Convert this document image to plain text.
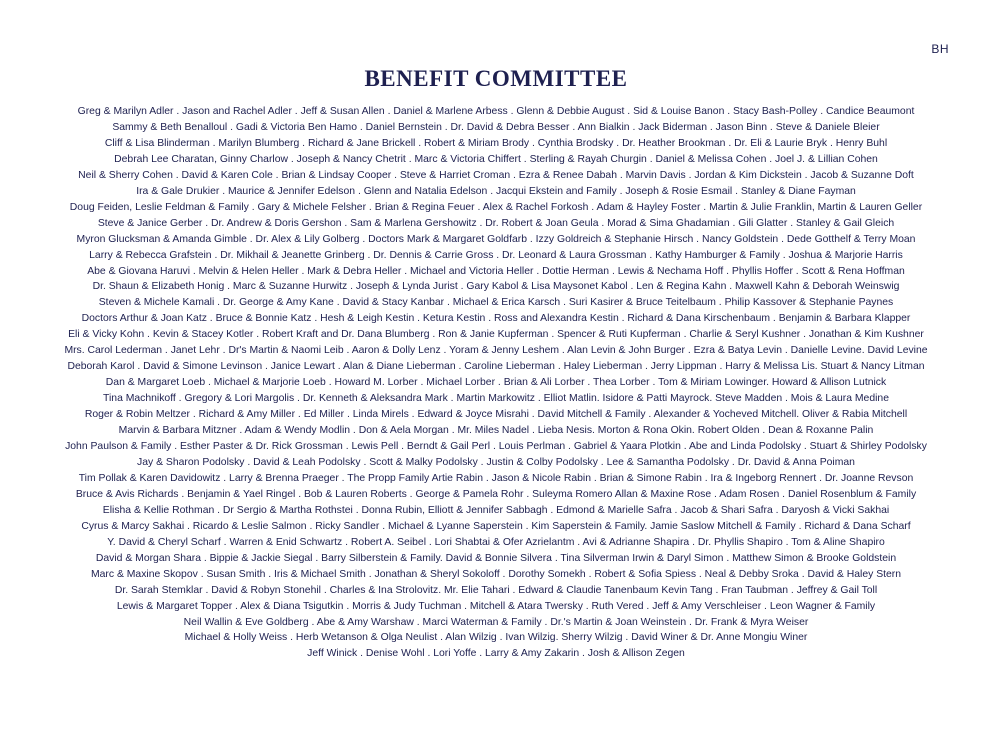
BH
BENEFIT COMMITTEE
Greg & Marilyn Adler . Jason and Rachel Adler . Jeff & Susan Allen . Daniel & Marlene Arbess . Glenn & Debbie August . Sid & Louise Banon . Stacy Bash-Polley . Candice Beaumont
Sammy & Beth Benalloul . Gadi & Victoria Ben Hamo . Daniel Bernstein . Dr. David & Debra Besser . Ann Bialkin . Jack Biderman . Jason Binn . Steve & Daniele Bleier
Cliff & Lisa Blinderman . Marilyn Blumberg . Richard & Jane Brickell . Robert & Miriam Brody . Cynthia Brodsky . Dr. Heather Brookman . Dr. Eli & Laurie Bryk . Henry Buhl
Debrah Lee Charatan, Ginny Charlow . Joseph & Nancy Chetrit . Marc & Victoria Chiffert . Sterling & Rayah Churgin . Daniel & Melissa Cohen . Joel J. & Lillian Cohen
Neil & Sherry Cohen . David & Karen Cole . Brian & Lindsay Cooper . Steve & Harriet Croman . Ezra & Renee Dabah . Marvin Davis . Jordan & Kim Dickstein . Jacob & Suzanne Doft
Ira & Gale Drukier . Maurice & Jennifer Edelson . Glenn and Natalia Edelson . Jacqui Ekstein and Family . Joseph & Rosie Esmail . Stanley & Diane Fayman
Doug Feiden, Leslie Feldman & Family . Gary & Michele Felsher . Brian & Regina Feuer . Alex & Rachel Forkosh . Adam & Hayley Foster . Martin & Julie Franklin, Martin & Lauren Geller
Steve & Janice Gerber . Dr. Andrew & Doris Gershon . Sam & Marlena Gershowitz . Dr. Robert & Joan Geula . Morad & Sima Ghadamian . Gili Glatter . Stanley & Gail Gleich
Myron Glucksman & Amanda Gimble . Dr. Alex & Lily Golberg . Doctors Mark & Margaret Goldfarb . Izzy Goldreich & Stephanie Hirsch . Nancy Goldstein . Dede Gotthelf & Terry Moan
Larry & Rebecca Grafstein . Dr. Mikhail & Jeanette Grinberg . Dr. Dennis & Carrie Gross . Dr. Leonard & Laura Grossman . Kathy Hamburger & Family . Joshua & Marjorie Harris
Abe & Giovana Haruvi . Melvin & Helen Heller . Mark & Debra Heller . Michael and Victoria Heller . Dottie Herman . Lewis & Nechama Hoff . Phyllis Hoffer . Scott & Rena Hoffman
Dr. Shaun & Elizabeth Honig . Marc & Suzanne Hurwitz . Joseph & Lynda Jurist . Gary Kabol & Lisa Maysonet Kabol . Len & Regina Kahn . Maxwell Kahn & Deborah Weinswig
Steven & Michele Kamali . Dr. George & Amy Kane . David & Stacy Kanbar . Michael & Erica Karsch . Suri Kasirer & Bruce Teitelbaum . Philip Kassover & Stephanie Paynes
Doctors Arthur & Joan Katz . Bruce & Bonnie Katz . Hesh & Leigh Kestin . Ketura Kestin . Ross and Alexandra Kestin . Richard & Dana Kirschenbaum . Benjamin & Barbara Klapper
Eli & Vicky Kohn . Kevin & Stacey Kotler . Robert Kraft and Dr. Dana Blumberg . Ron & Janie Kupferman . Spencer & Ruti Kupferman . Charlie & Seryl Kushner . Jonathan & Kim Kushner
Mrs. Carol Lederman . Janet Lehr . Dr's Martin & Naomi Leib . Aaron & Dolly Lenz . Yoram & Jenny Leshem . Alan Levin & John Burger . Ezra & Batya Levin . Danielle Levine. David Levine
Deborah Karol . David & Simone Levinson . Janice Lewart . Alan & Diane Lieberman . Caroline Lieberman . Haley Lieberman . Jerry Lippman . Harry & Melissa Lis. Stuart & Nancy Litman
Dan & Margaret Loeb . Michael & Marjorie Loeb . Howard M. Lorber . Michael Lorber . Brian & Ali Lorber . Thea Lorber . Tom & Miriam Lowinger. Howard & Allison Lutnick
Tina Machnikoff . Gregory & Lori Margolis . Dr. Kenneth & Aleksandra Mark . Martin Markowitz . Elliot Matlin. Isidore & Patti Mayrock. Steve Madden . Mois & Laura Medine
Roger & Robin Meltzer . Richard & Amy Miller . Ed Miller . Linda Mirels . Edward & Joyce Misrahi . David Mitchell & Family . Alexander & Yocheved Mitchell. Oliver & Rabia Mitchell
Marvin & Barbara Mitzner . Adam & Wendy Modlin . Don & Aela Morgan . Mr. Miles Nadel . Lieba Nesis. Morton & Rona Okin. Robert Olden . Dean & Roxanne Palin
John Paulson & Family . Esther Paster & Dr. Rick Grossman . Lewis Pell . Berndt & Gail Perl . Louis Perlman . Gabriel & Yaara Plotkin . Abe and Linda Podolsky . Stuart & Shirley Podolsky
Jay & Sharon Podolsky . David & Leah Podolsky . Scott & Malky Podolsky . Justin & Colby Podolsky . Lee & Samantha Podolsky . Dr. David & Anna Poiman
Tim Pollak & Karen Davidowitz . Larry & Brenna Praeger . The Propp Family Artie Rabin . Jason & Nicole Rabin . Brian & Simone Rabin . Ira & Ingeborg Rennert . Dr. Joanne Revson
Bruce & Avis Richards . Benjamin & Yael Ringel . Bob & Lauren Roberts . George & Pamela Rohr . Suleyma Romero Allan & Maxine Rose . Adam Rosen . Daniel Rosenblum & Family
Elisha & Kellie Rothman . Dr Sergio & Martha Rothstei . Donna Rubin, Elliott & Jennifer Sabbagh . Edmond & Marielle Safra . Jacob & Shari Safra . Daryosh & Vicki Sakhai
Cyrus & Marcy Sakhai . Ricardo & Leslie Salmon . Ricky Sandler . Michael & Lyanne Saperstein . Kim Saperstein & Family. Jamie Saslow Mitchell & Family . Richard & Dana Scharf
Y. David & Cheryl Scharf . Warren & Enid Schwartz . Robert A. Seibel . Lori Shabtai & Ofer Azrielantm . Avi & Adrianne Shapira . Dr. Phyllis Shapiro . Tom & Aline Shapiro
David & Morgan Shara . Bippie & Jackie Siegal . Barry Silberstein & Family. David & Bonnie Silvera . Tina Silverman Irwin & Daryl Simon . Matthew Simon & Brooke Goldstein
Marc & Maxine Skopov . Susan Smith . Iris & Michael Smith . Jonathan & Sheryl Sokoloff . Dorothy Somekh . Robert & Sofia Spiess . Neal & Debby Sroka . David & Haley Stern
Dr. Sarah Stemklar . David & Robyn Stonehil . Charles & Ina Strolovitz. Mr. Elie Tahari . Edward & Claudie Tanenbaum Kevin Tang . Fran Taubman . Jeffrey & Gail Toll
Lewis & Margaret Topper . Alex & Diana Tsigutkin . Morris & Judy Tuchman . Mitchell & Atara Twersky . Ruth Vered . Jeff & Amy Verschleiser . Leon Wagner & Family
Neil Wallin & Eve Goldberg . Abe & Amy Warshaw . Marci Waterman & Family . Dr.'s Martin & Joan Weinstein . Dr. Frank & Myra Weiser
Michael & Holly Weiss . Herb Wetanson & Olga Neulist . Alan Wilzig . Ivan Wilzig. Sherry Wilzig . David Winer & Dr. Anne Mongiu Winer
Jeff Winick . Denise Wohl . Lori Yoffe . Larry & Amy Zakarin . Josh & Allison Zegen
